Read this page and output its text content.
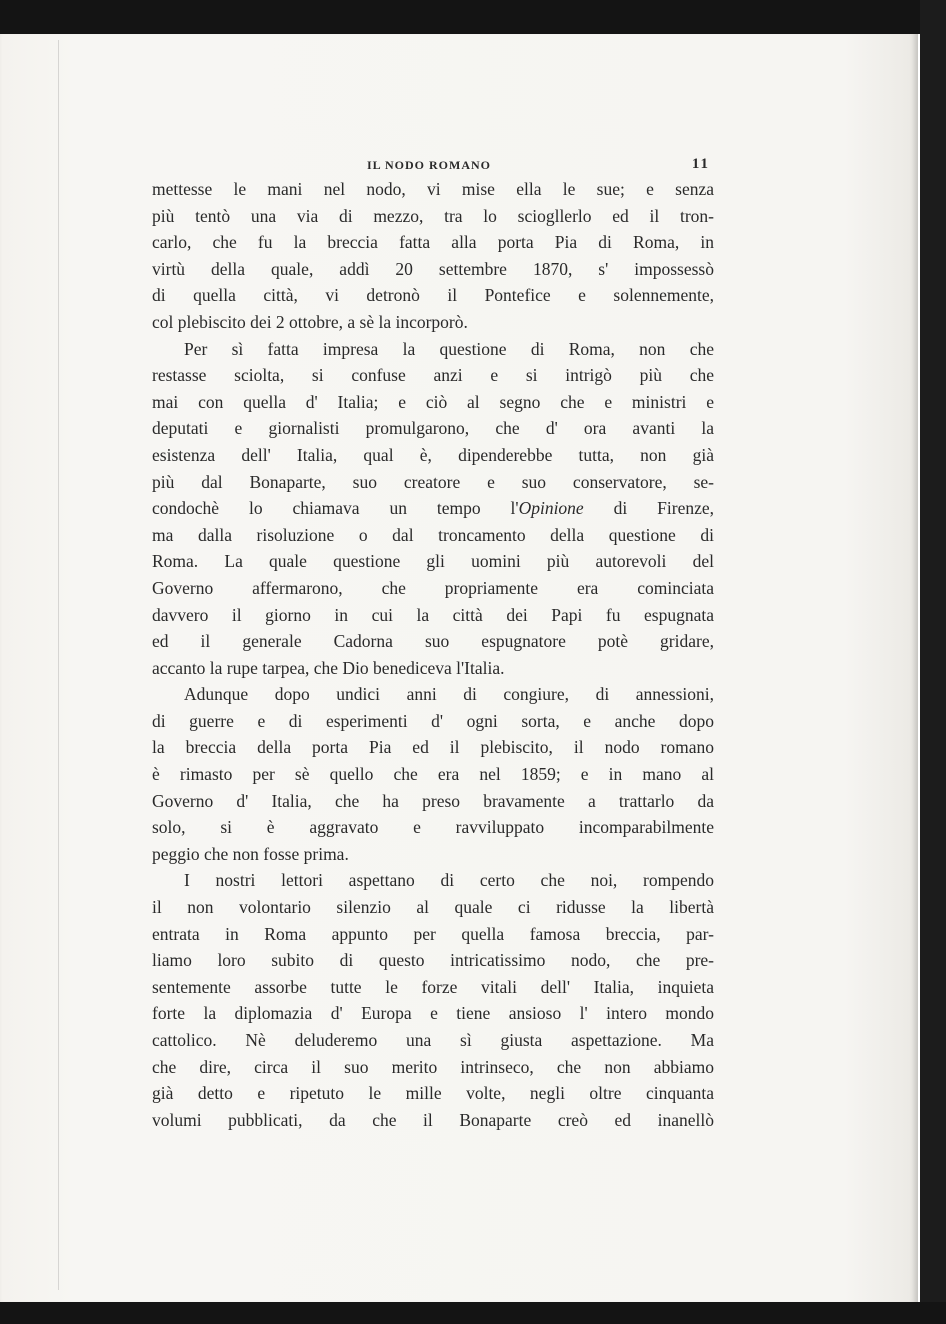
IL NODO ROMANO	11
mettesse le mani nel nodo, vi mise ella le sue; e senza
più tentò una via di mezzo, tra lo sciogllerlo ed il tron-
carlo, che fu la breccia fatta alla porta Pia di Roma, in
virtù della quale, addì 20 settembre 1870, s' impossessò
di quella città, vi detronò il Pontefice e solennemente,
col plebiscito dei 2 ottobre, a sè la incorporò.
Per sì fatta impresa la questione di Roma, non che
restasse sciolta, si confuse anzi e si intrigò più che
mai con quella d' Italia; e ciò al segno che e ministri e
deputati e giornalisti promulgarono, che d' ora avanti la
esistenza dell' Italia, qual è, dipenderebbe tutta, non già
più dal Bonaparte, suo creatore e suo conservatore, se-
condochè lo chiamava un tempo l'Opinione di Firenze,
ma dalla risoluzione o dal troncamento della questione di
Roma. La quale questione gli uomini più autorevoli del
Governo affermarono, che propriamente era cominciata
davvero il giorno in cui la città dei Papi fu espugnata
ed il generale Cadorna suo espugnatore potè gridare,
accanto la rupe tarpea, che Dio benediceva l'Italia.
Adunque dopo undici anni di congiure, di annessioni,
di guerre e di esperimenti d' ogni sorta, e anche dopo
la breccia della porta Pia ed il plebiscito, il nodo romano
è rimasto per sè quello che era nel 1859; e in mano al
Governo d' Italia, che ha preso bravamente a trattarlo da
solo, si è aggravato e ravviluppato incomparabilmente
peggio che non fosse prima.
I nostri lettori aspettano di certo che noi, rompendo
il non volontario silenzio al quale ci ridusse la libertà
entrata in Roma appunto per quella famosa breccia, par-
liamo loro subito di questo intricatissimo nodo, che pre-
sentemente assorbe tutte le forze vitali dell' Italia, inquieta
forte la diplomazia d' Europa e tiene ansioso l' intero mondo
cattolico. Nè deluderemo una sì giusta aspettazione. Ma
che dire, circa il suo merito intrinseco, che non abbiamo
già detto e ripetuto le mille volte, negli oltre cinquanta
volumi pubblicati, da che il Bonaparte creò ed inanellò
